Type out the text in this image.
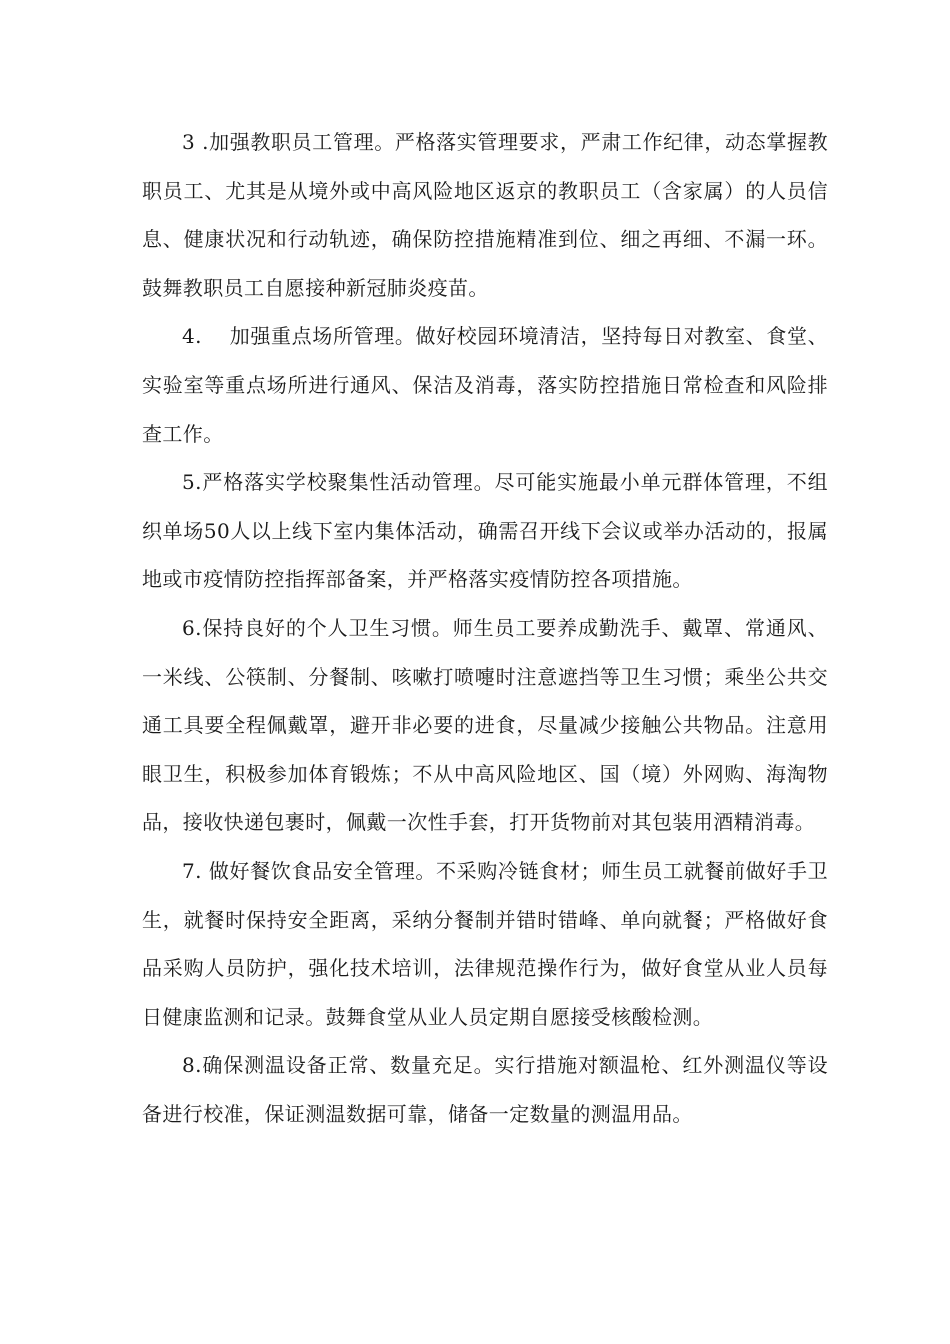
3 .加强教职员工管理。严格落实管理要求，严肃工作纪律，动态掌握教职员工、尤其是从境外或中高风险地区返京的教职员工（含家属）的人员信息、健康状况和行动轨迹，确保防控措施精准到位、细之再细、不漏一环。鼓舞教职员工自愿接种新冠肺炎疫苗。

4.　 加强重点场所管理。做好校园环境清洁，坚持每日对教室、食堂、实验室等重点场所进行通风、保洁及消毒，落实防控措施日常检查和风险排查工作。

5.严格落实学校聚集性活动管理。尽可能实施最小单元群体管理，不组织单场50人以上线下室内集体活动，确需召开线下会议或举办活动的，报属地或市疫情防控指挥部备案，并严格落实疫情防控各项措施。

6.保持良好的个人卫生习惯。师生员工要养成勤洗手、戴罩、常通风、一米线、公筷制、分餐制、咳嗽打喷嚏时注意遮挡等卫生习惯；乘坐公共交通工具要全程佩戴罩，避开非必要的进食，尽量减少接触公共物品。注意用眼卫生，积极参加体育锻炼；不从中高风险地区、国（境）外网购、海淘物品，接收快递包裹时，佩戴一次性手套，打开货物前对其包装用酒精消毒。

7. 做好餐饮食品安全管理。不采购冷链食材；师生员工就餐前做好手卫生，就餐时保持安全距离，采纳分餐制并错时错峰、单向就餐；严格做好食品采购人员防护，强化技术培训，法律规范操作行为，做好食堂从业人员每日健康监测和记录。鼓舞食堂从业人员定期自愿接受核酸检测。

8.确保测温设备正常、数量充足。实行措施对额温枪、红外测温仪等设备进行校准，保证测温数据可靠，储备一定数量的测温用品。
